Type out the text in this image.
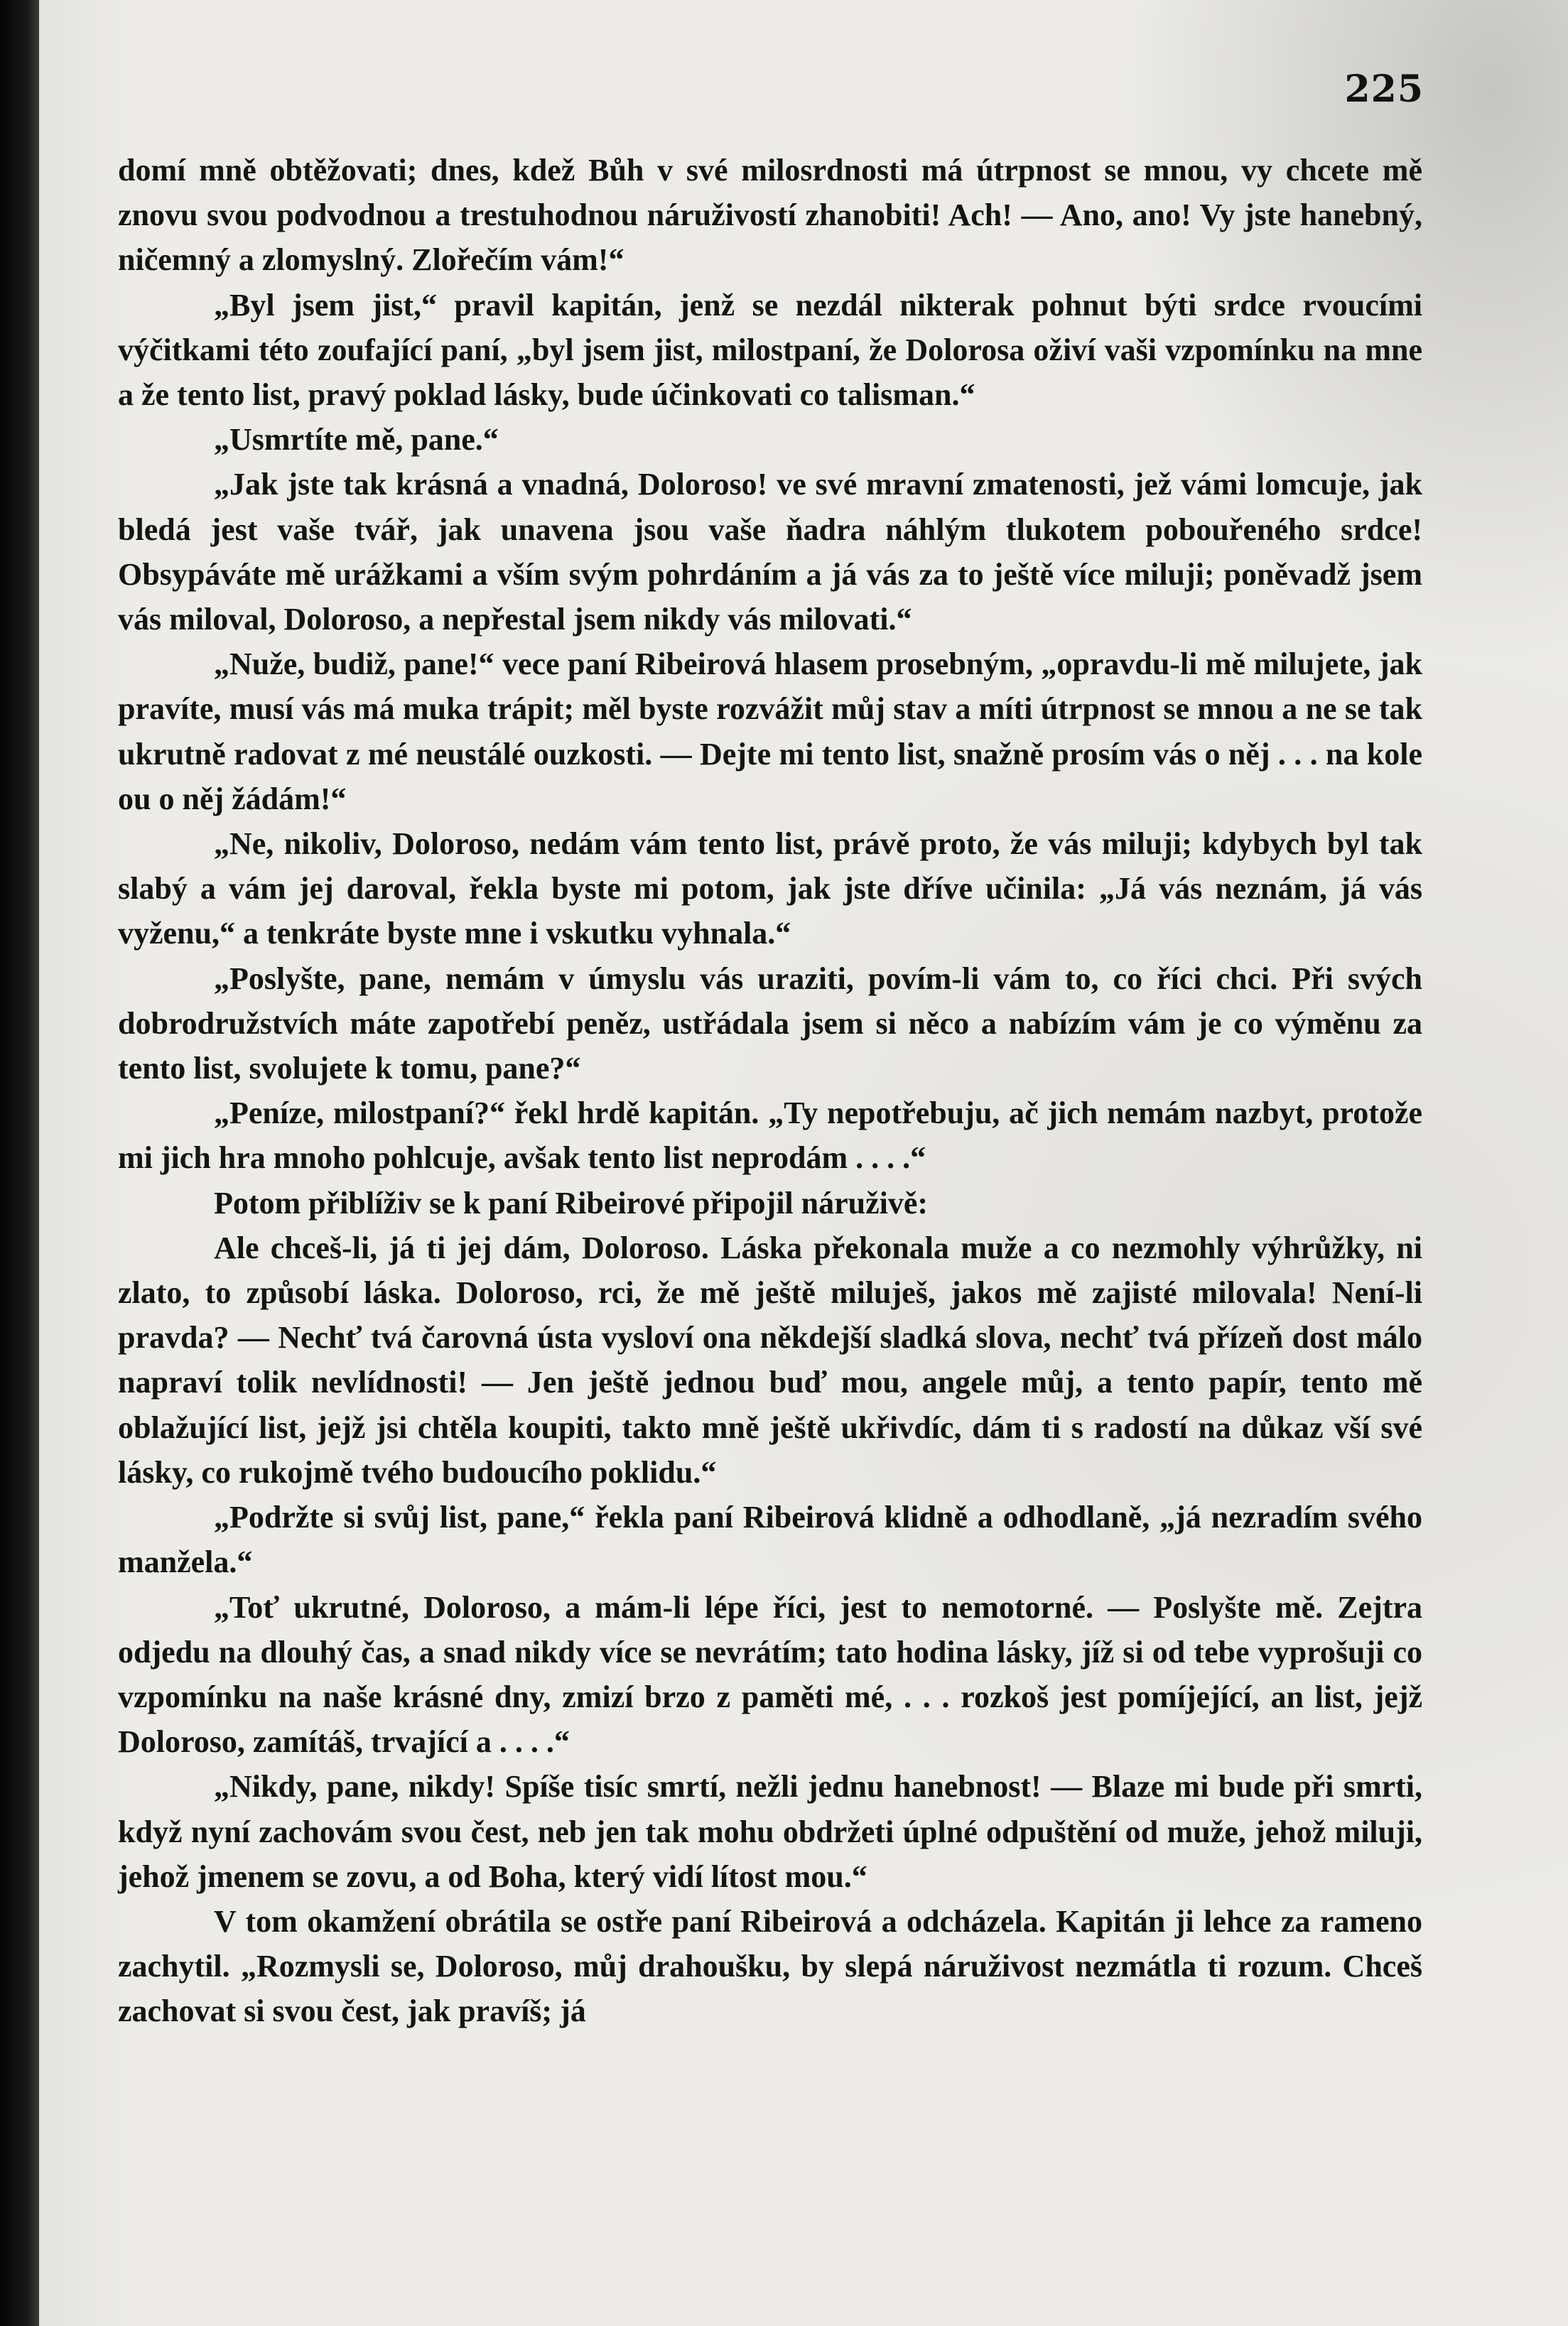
225

domí mně obtěžovati; dnes, kdež Bůh v své milosrdnosti má útrpnost se mnou, vy chcete mě znovu svou podvodnou a trestuhodnou náruživostí zhanobiti! Ach! — Ano, ano! Vy jste hanebný, ničemný a zlomyslný. Zlořečím vám!“

„Byl jsem jist,“ pravil kapitán, jenž se nezdál nikterak pohnut býti srdce rvoucími výčitkami této zoufající paní, „byl jsem jist, milostpaní, že Dolorosa oživí vaši vzpomínku na mne a že tento list, pravý poklad lásky, bude účinkovati co talisman.“

„Usmrtíte mě, pane.“

„Jak jste tak krásná a vnadná, Doloroso! ve své mravní zmatenosti, jež vámi lomcuje, jak bledá jest vaše tvář, jak unavena jsou vaše ňadra náhlým tlukotem pobouřeného srdce! Obsypáváte mě urážkami a vším svým pohrdáním a já vás za to ještě více miluji; poněvadž jsem vás miloval, Doloroso, a nepřestal jsem nikdy vás milovati.“

„Nuže, budiž, pane!“ vece paní Ribeirová hlasem prosebným, „opravdu-li mě milujete, jak pravíte, musí vás má muka trápit; měl byste rozvážit můj stav a míti útrpnost se mnou a ne se tak ukrutně radovat z mé neustálé ouzkosti. — Dejte mi tento list, snažně prosím vás o něj . . . na kole ou o něj žádám!“

„Ne, nikoliv, Doloroso, nedám vám tento list, právě proto, že vás miluji; kdybych byl tak slabý a vám jej daroval, řekla byste mi potom, jak jste dříve učinila: „Já vás neznám, já vás vyženu,“ a tenkráte byste mne i vskutku vyhnala.“

„Poslyšte, pane, nemám v úmyslu vás uraziti, povím-li vám to, co říci chci. Při svých dobrodružstvích máte zapotřebí peněz, ustřádala jsem si něco a nabízím vám je co výměnu za tento list, svolujete k tomu, pane?“

„Peníze, milostpaní?“ řekl hrdě kapitán. „Ty nepotřebuju, ač jich nemám nazbyt, protože mi jich hra mnoho pohlcuje, avšak tento list neprodám . . . .“

Potom přiblíživ se k paní Ribeirové připojil náruživě:

Ale chceš-li, já ti jej dám, Doloroso. Láska překonala muže a co nezmohly výhrůžky, ni zlato, to způsobí láska. Doloroso, rci, že mě ještě miluješ, jakos mě zajisté milovala! Není-li pravda? — Nechť tvá čarovná ústa vysloví ona někdejší sladká slova, nechť tvá přízeň dost málo napraví tolik nevlídnosti! — Jen ještě jednou buď mou, angele můj, a tento papír, tento mě oblažující list, jejž jsi chtěla koupiti, takto mně ještě ukřivdíc, dám ti s radostí na důkaz vší své lásky, co rukojmě tvého budoucího poklidu.“

„Podržte si svůj list, pane,“ řekla paní Ribeirová klidně a odhodlaně, „já nezradím svého manžela.“

„Toť ukrutné, Doloroso, a mám-li lépe říci, jest to nemotorné. — Poslyšte mě. Zejtra odjedu na dlouhý čas, a snad nikdy více se nevrátím; tato hodina lásky, jíž si od tebe vyprošuji co vzpomínku na naše krásné dny, zmizí brzo z paměti mé, . . . rozkoš jest pomíjející, an list, jejž Doloroso, zamítáš, trvající a . . . .“

„Nikdy, pane, nikdy! Spíše tisíc smrtí, nežli jednu hanebnost! — Blaze mi bude při smrti, když nyní zachovám svou čest, neb jen tak mohu obdržeti úplné odpuštění od muže, jehož miluji, jehož jmenem se zovu, a od Boha, který vidí lítost mou.“

V tom okamžení obrátila se ostře paní Ribeirová a odcházela. Kapitán ji lehce za rameno zachytil. „Rozmysli se, Doloroso, můj drahoušku, by slepá náruživost nezmátla ti rozum. Chceš zachovat si svou čest, jak pravíš; já
